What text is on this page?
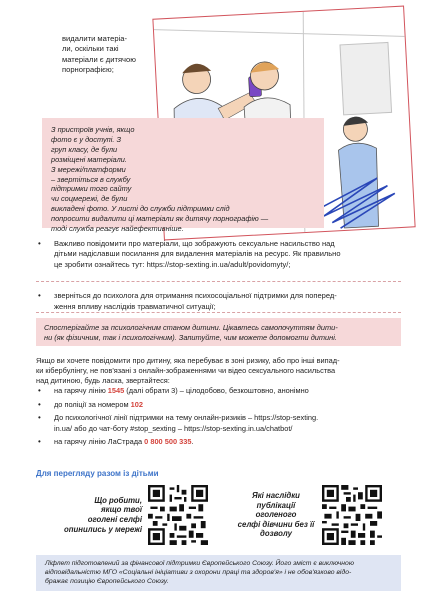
видалити матеріа-
ли, оскільки такі
матеріали є дитячою
порнографією;
З пристроїв учнів, якщо
фото є у доступі. З
груп класу, де були
розміщені матеріали.
З мережі/платформи
– звертіться в службу
підтримки того сайту
чи соцмережі, де були
викладені фото. У листі до служби підтримки слід
попросити видалити ці матеріали як дитячу порнографію —
тоді служба реагує найефективніше.
• Важливо повідомити про матеріали, що зображують сексуальне насильство над
дітьми надіславши посилання для видалення матеріалів на ресурс. Як правильно
це зробити ознайтесь тут: https://stop-sexting.in.ua/adult/povidomyty/;
• зверніться до психолога для отримання психосоціальної підтримки для поперед-
ження впливу наслідків травматичної ситуації;
Спостерігайте за психологічним станом дитини. Цікавтесь самопочуттям дити-
ни (як фізичним, так і психологічним). Запитуйте, чим можете допомогти дитині.
Якщо ви хочете повідомити про дитину, яка перебуває в зоні ризику, або про інші випад-
ки кібербулінгу, не пов'язані з онлайн-зображеннями чи відео сексуального насильства
над дитиною, будь ласка, звертайтеся:
• на гарячу лінію 1545 (далі обрати 3) – цілодобово, безкоштовно, анонімно
• до поліції за номером 102
• До психологічної лінії підтримки на тему онлайн-ризиків – https://stop-sexting.
in.ua/ або до чат-боту #stop_sexting – https://stop-sexting.in.ua/chatbot/
• на гарячу лінію ЛаСтрада 0 800 500 335.
Для перегляду разом із дітьми
Що робити,
якщо твої
оголені селфі
опинились у мережі
Які наслідки
публікації оголеного
селфі дівчини без її
дозволу
Ліфлет підготовлений за фінансової підтримки Європейського Союзу. Його зміст є виключною
відповідальністю МГО «Соціальні ініціативи з охорони праці та здоров'я» і не обов'язково відо-
бражає позицію Європейського Союзу.
